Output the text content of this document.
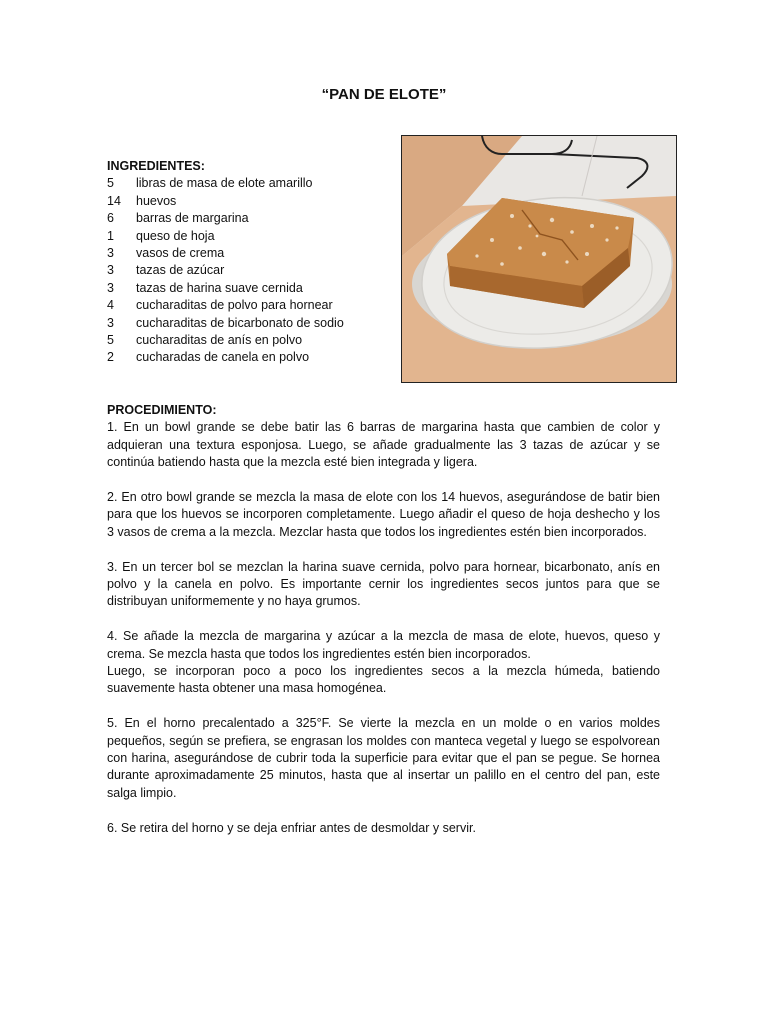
“PAN DE ELOTE”
INGREDIENTES:
5	libras de masa de elote amarillo
14	huevos
6	barras de margarina
1	queso de hoja
3	vasos de crema
3	tazas de azúcar
3	tazas de harina suave cernida
4	cucharaditas de polvo para hornear
3	cucharaditas de bicarbonato de sodio
5	cucharaditas de anís en polvo
2	cucharadas de canela en polvo
PROCEDIMIENTO:

1. En un bowl grande se debe batir las 6 barras de margarina hasta que cambien de color y adquieran una textura esponjosa. Luego, se añade gradualmente las 3 tazas de azúcar y se continúa batiendo hasta que la mezcla esté bien integrada y ligera.

2. En otro bowl grande se mezcla la masa de elote con los 14 huevos, asegurándose de batir bien para que los huevos se incorporen completamente. Luego añadir el queso de hoja deshecho y los 3 vasos de crema a la mezcla. Mezclar hasta que todos los ingredientes estén bien incorporados.

3. En un tercer bol se mezclan la harina suave cernida, polvo para hornear, bicarbonato, anís en polvo y la canela en polvo. Es importante cernir los ingredientes secos juntos para que se distribuyan uniformemente y no haya grumos.

4. Se añade la mezcla de margarina y azúcar a la mezcla de masa de elote, huevos, queso y crema. Se mezcla hasta que todos los ingredientes estén bien incorporados.
Luego, se incorporan poco a poco los ingredientes secos a la mezcla húmeda, batiendo suavemente hasta obtener una masa homogénea.

5. En el horno precalentado a 325°F. Se vierte la mezcla en un molde o en varios moldes pequeños, según se prefiera, se engrasan los moldes con manteca vegetal y luego se espolvorean con harina, asegurándose de cubrir toda la superficie para evitar que el pan se pegue. Se hornea durante aproximadamente 25 minutos, hasta que al insertar un palillo en el centro del pan, este salga limpio.

6. Se retira del horno y se deja enfriar antes de desmoldar y servir.
